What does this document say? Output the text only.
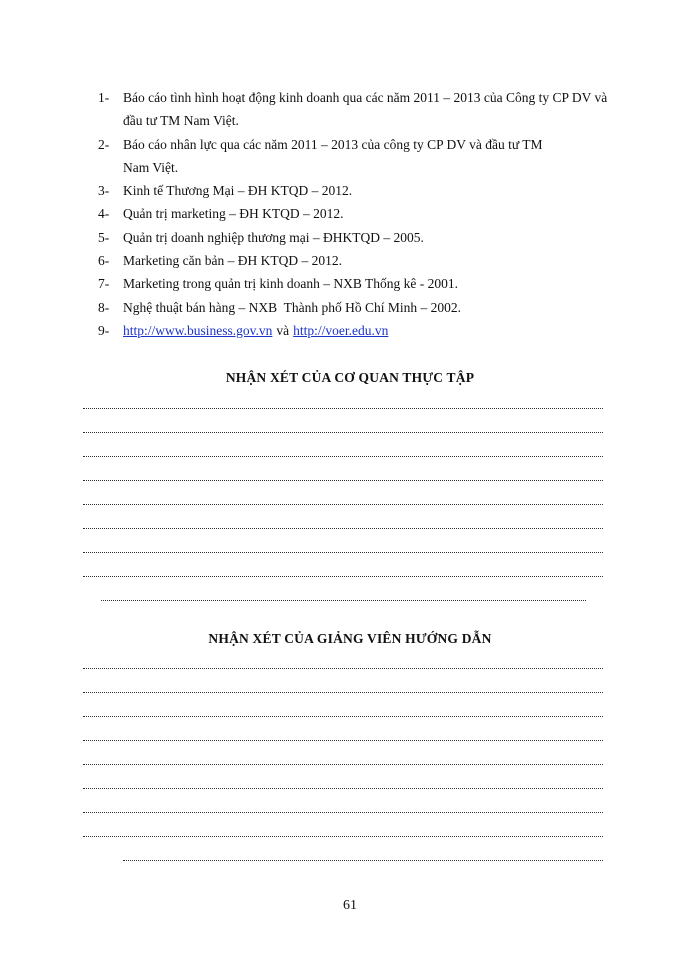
1- Báo cáo tình hình hoạt động kinh doanh qua các năm 2011 – 2013 của Công ty CP DV và đầu tư TM Nam Việt.
2- Báo cáo nhân lực qua các năm 2011 – 2013 của công ty CP DV và đầu tư TM Nam Việt.
3- Kinh tế Thương Mại – ĐH KTQD – 2012.
4- Quản trị marketing – ĐH KTQD – 2012.
5- Quản trị doanh nghiệp thương mại – ĐHKTQD – 2005.
6- Marketing căn bản – ĐH KTQD – 2012.
7- Marketing trong quản trị kinh doanh – NXB Thống kê - 2001.
8- Nghệ thuật bán hàng – NXB  Thành phố Hồ Chí Minh – 2002.
9- http://www.business.gov.vn và http://voer.edu.vn
NHẬN XÉT CỦA CƠ QUAN THỰC TẬP
NHẬN XÉT CỦA GIẢNG VIÊN HƯỚNG DẪN
61
